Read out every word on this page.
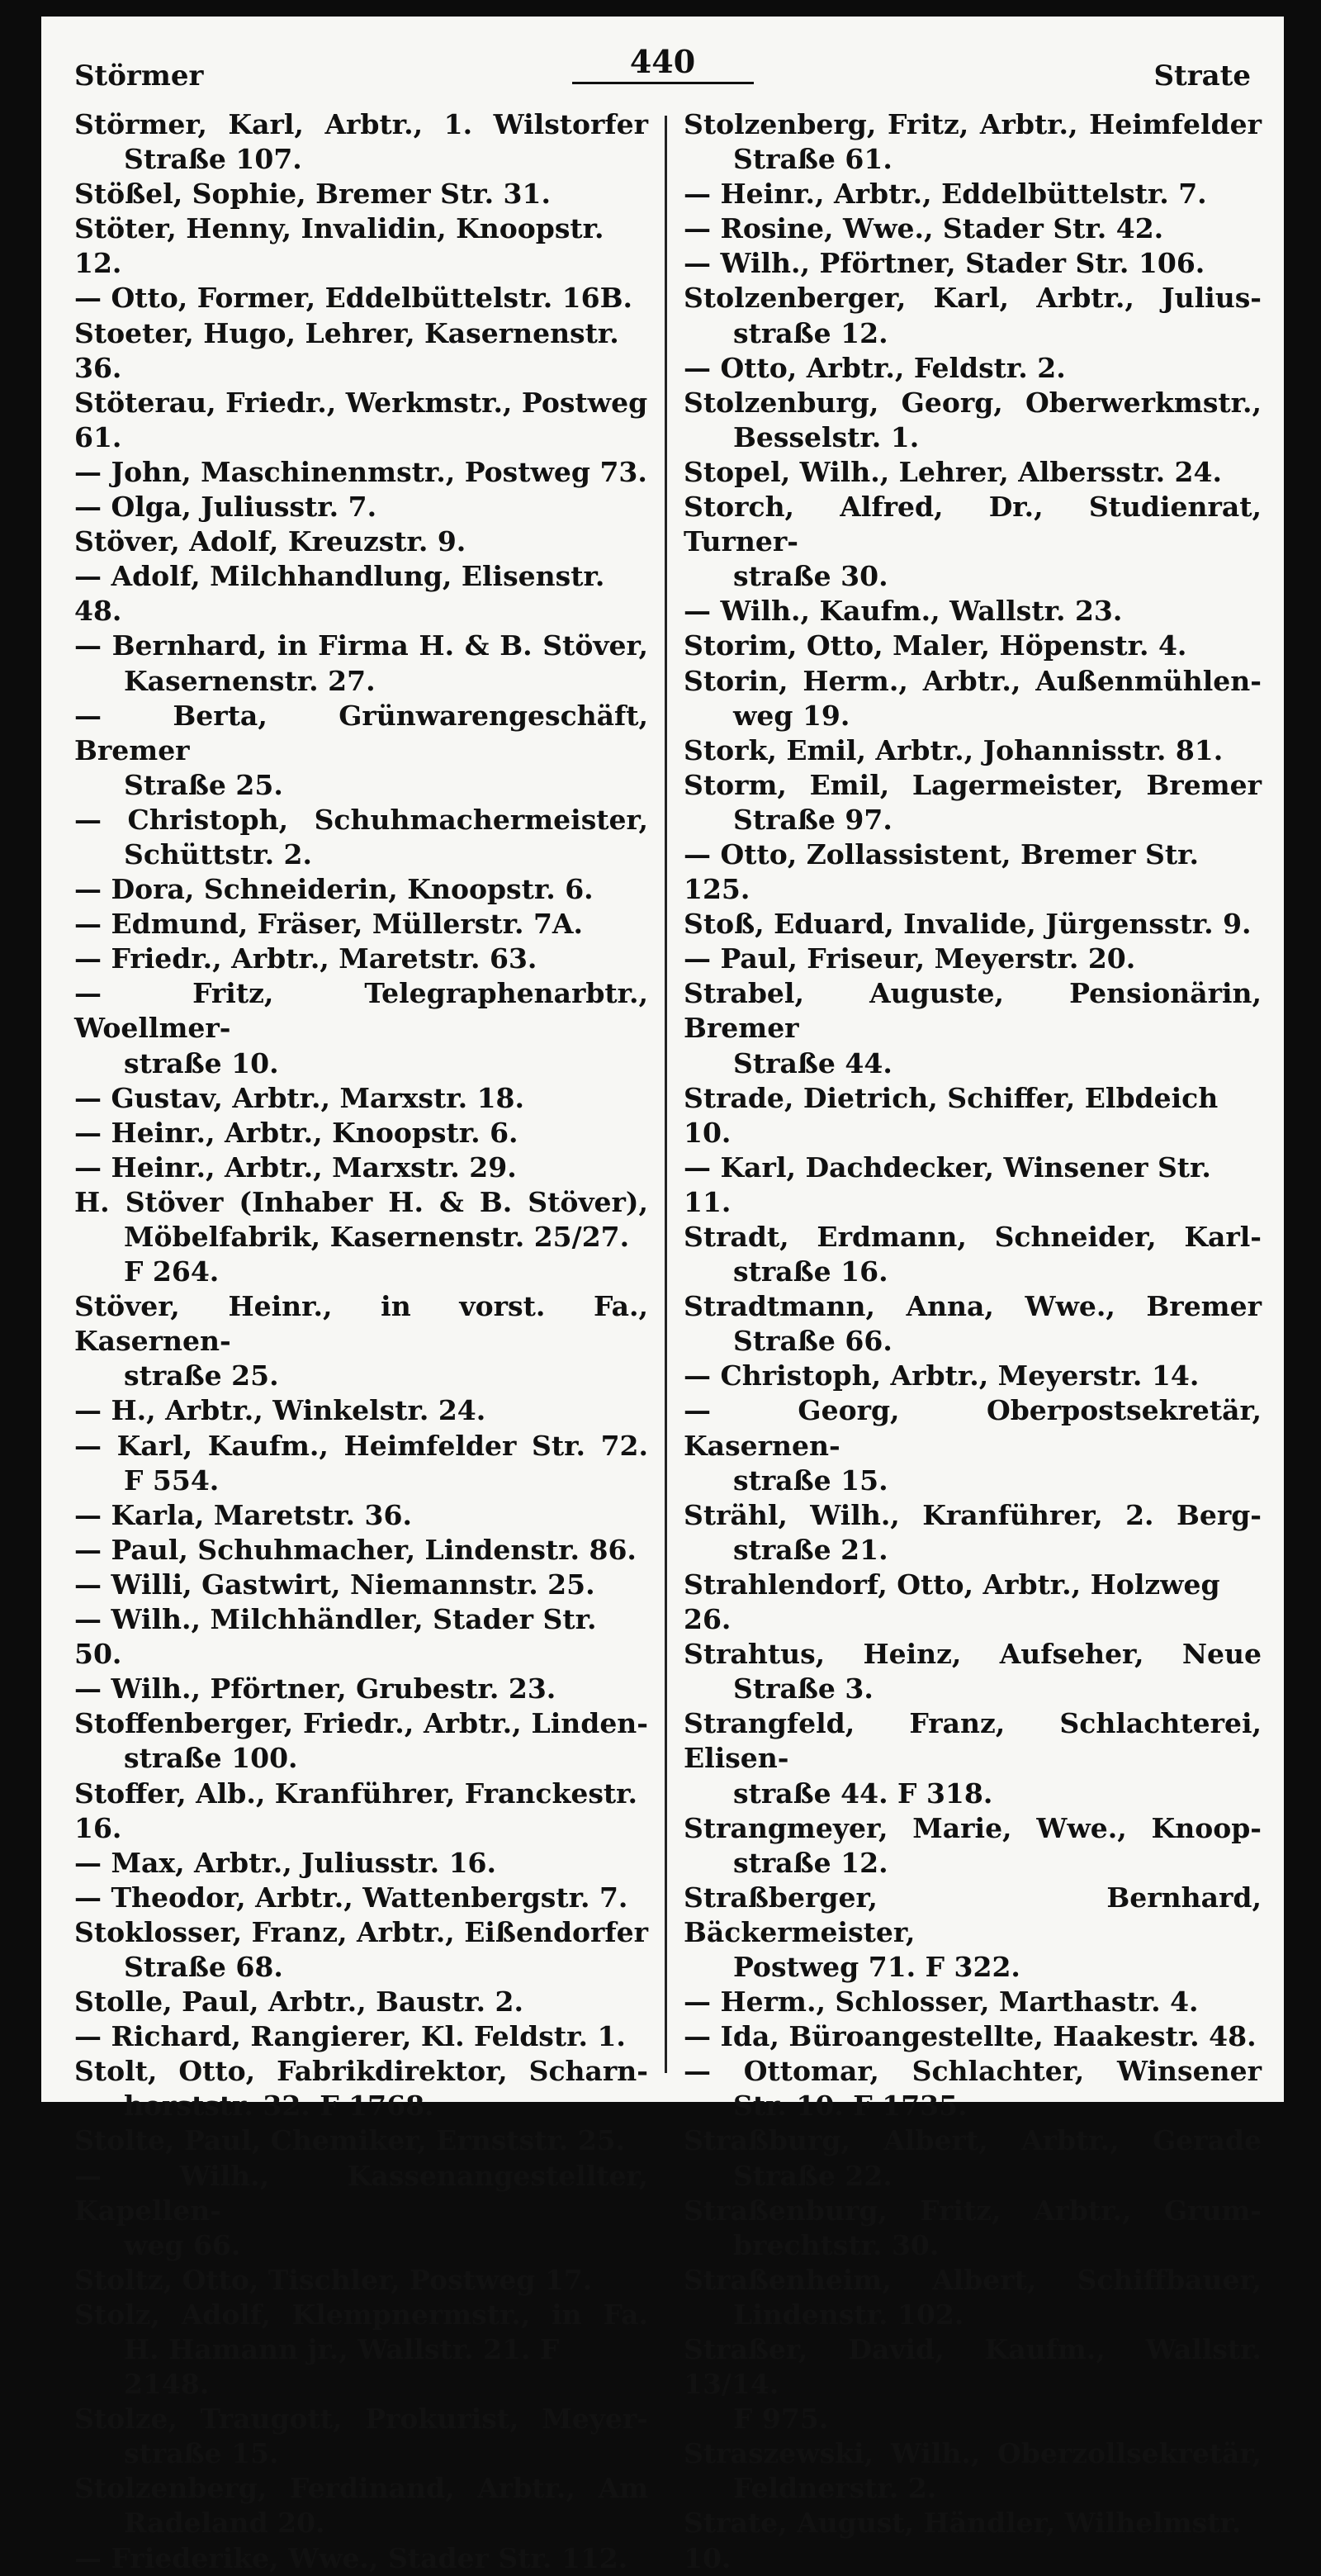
Störmer	440	Strate
Störmer, Karl, Arbtr., 1. Wilstorfer
Straße 107.
Stößel, Sophie, Bremer Str. 31.
Stöter, Henny, Invalidin, Knoopstr. 12.
— Otto, Former, Eddelbüttelstr. 16B.
Stoeter, Hugo, Lehrer, Kasernenstr. 36.
Stöterau, Friedr., Werkmstr., Postweg 61.
— John, Maschinenmstr., Postweg 73.
— Olga, Juliusstr. 7.
Stöver, Adolf, Kreuzstr. 9.
— Adolf, Milchhandlung, Elisenstr. 48.
— Bernhard, in Firma H. & B. Stöver,
Kasernenstr. 27.
— Berta, Grünwarengeschäft, Bremer
Straße 25.
— Christoph, Schuhmachermeister,
Schüttstr. 2.
— Dora, Schneiderin, Knoopstr. 6.
— Edmund, Fräser, Müllerstr. 7A.
— Friedr., Arbtr., Maretstr. 63.
— Fritz, Telegraphenarbtr., Woellmer-
straße 10.
— Gustav, Arbtr., Marxstr. 18.
— Heinr., Arbtr., Knoopstr. 6.
— Heinr., Arbtr., Marxstr. 29.
H. Stöver (Inhaber H. & B. Stöver),
Möbelfabrik, Kasernenstr. 25/27.
F 264.
Stöver, Heinr., in vorst. Fa., Kasernen-
straße 25.
— H., Arbtr., Winkelstr. 24.
— Karl, Kaufm., Heimfelder Str. 72.
F 554.
— Karla, Maretstr. 36.
— Paul, Schuhmacher, Lindenstr. 86.
— Willi, Gastwirt, Niemannstr. 25.
— Wilh., Milchhändler, Stader Str. 50.
— Wilh., Pförtner, Grubestr. 23.
Stoffenberger, Friedr., Arbtr., Linden-
straße 100.
Stoffer, Alb., Kranführer, Franckestr. 16.
— Max, Arbtr., Juliusstr. 16.
— Theodor, Arbtr., Wattenbergstr. 7.
Stoklosser, Franz, Arbtr., Eißendorfer
Straße 68.
Stolle, Paul, Arbtr., Baustr. 2.
— Richard, Rangierer, Kl. Feldstr. 1.
Stolt, Otto, Fabrikdirektor, Scharn-
horststr. 32. F 1768.
Stolte, Paul, Chemiker, Ernststr. 25.
— Wilh., Kassenangestellter, Kapellen-
weg 66.
Stoltz, Otto, Tischler, Postweg 17.
Stolz, Adolf, Klempnermstr., in Fa.
H. Hamann jr., Wallstr. 21. F 2148.
Stolze, Traugott, Prokurist, Meyer-
straße 15.
Stolzenberg, Ferdinand, Arbtr., Am
Radeland 20.
— Friederike, Wwe., Stader Str. 112.
Stolzenberg, Fritz, Arbtr., Heimfelder
Straße 61.
— Heinr., Arbtr., Eddelbüttelstr. 7.
— Rosine, Wwe., Stader Str. 42.
— Wilh., Pförtner, Stader Str. 106.
Stolzenberger, Karl, Arbtr., Julius-
straße 12.
— Otto, Arbtr., Feldstr. 2.
Stolzenburg, Georg, Oberwerkmstr.,
Besselstr. 1.
Stopel, Wilh., Lehrer, Albersstr. 24.
Storch, Alfred, Dr., Studienrat, Turner-
straße 30.
— Wilh., Kaufm., Wallstr. 23.
Storim, Otto, Maler, Höpenstr. 4.
Storin, Herm., Arbtr., Außenmühlen-
weg 19.
Stork, Emil, Arbtr., Johannisstr. 81.
Storm, Emil, Lagermeister, Bremer
Straße 97.
— Otto, Zollassistent, Bremer Str. 125.
Stoß, Eduard, Invalide, Jürgensstr. 9.
— Paul, Friseur, Meyerstr. 20.
Strabel, Auguste, Pensionärin, Bremer
Straße 44.
Strade, Dietrich, Schiffer, Elbdeich 10.
— Karl, Dachdecker, Winsener Str. 11.
Stradt, Erdmann, Schneider, Karl-
straße 16.
Stradtmann, Anna, Wwe., Bremer
Straße 66.
— Christoph, Arbtr., Meyerstr. 14.
— Georg, Oberpostsekretär, Kasernen-
straße 15.
Strähl, Wilh., Kranführer, 2. Berg-
straße 21.
Strahlendorf, Otto, Arbtr., Holzweg 26.
Strahtus, Heinz, Aufseher, Neue
Straße 3.
Strangfeld, Franz, Schlachterei, Elisen-
straße 44. F 318.
Strangmeyer, Marie, Wwe., Knoop-
straße 12.
Straßberger, Bernhard, Bäckermeister,
Postweg 71. F 322.
— Herm., Schlosser, Marthastr. 4.
— Ida, Büroangestellte, Haakestr. 48.
— Ottomar, Schlachter, Winsener
Str. 10. F 1735.
Straßburg, Albert, Arbtr., Gerade
Straße 22.
Straßenburg, Fritz, Arbtr., Grum-
brechtstr. 30.
Straßenheim, Albert, Schiffbauer,
Lindenstr. 102.
Straßer, David, Kaufm., Wallstr. 13/14.
F 975.
Straszewski, Wilh., Oberzollsekretär,
Feldnerstr. 2.
Strate, August, Händler, Wilhelmstr. 10.
